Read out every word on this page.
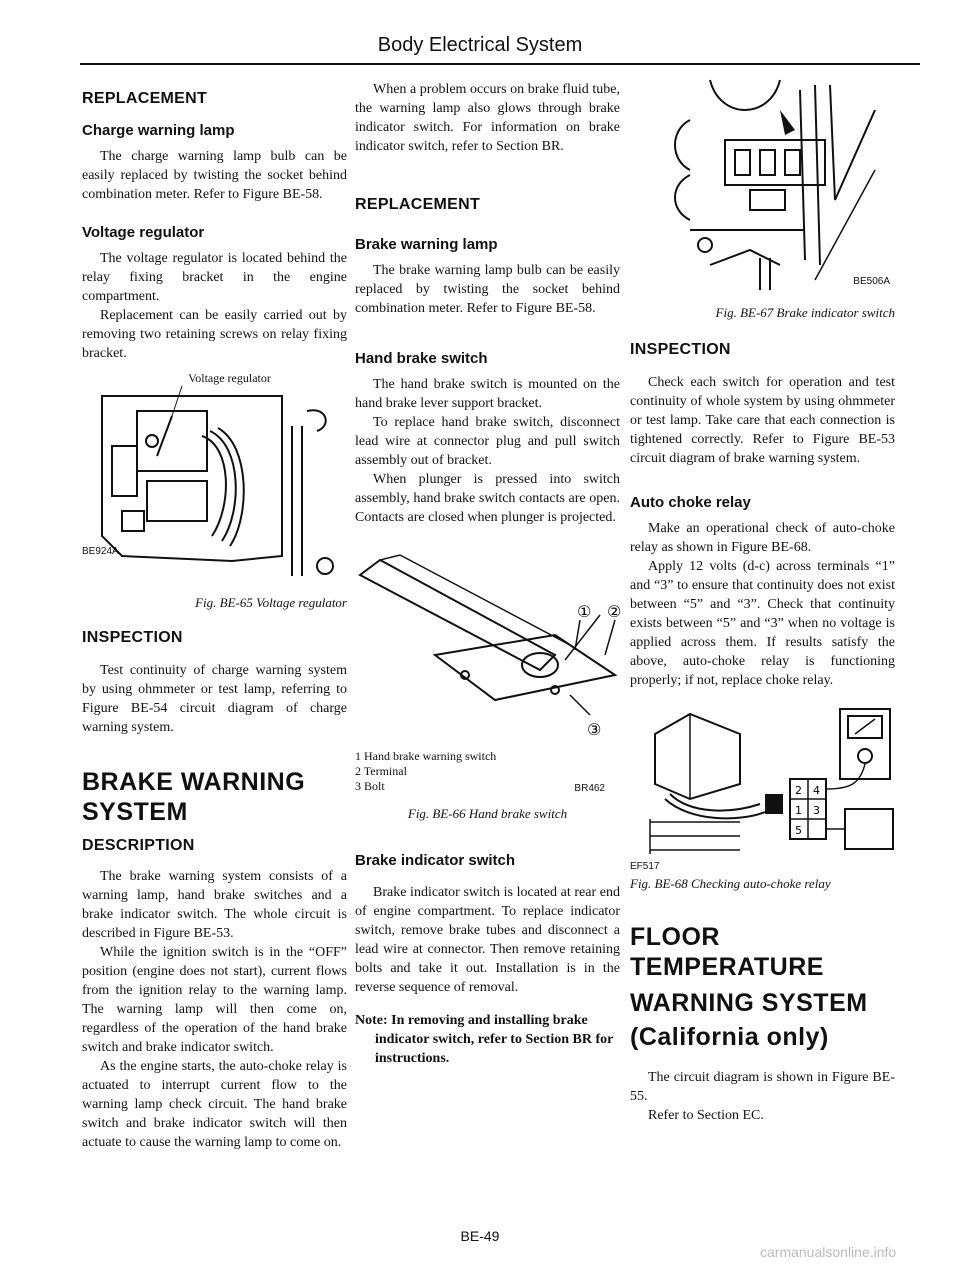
Body Electrical System
REPLACEMENT
Charge warning lamp

The charge warning lamp bulb can be easily replaced by twisting the socket behind combination meter. Refer to Figure BE-58.

Voltage regulator

The voltage regulator is located behind the relay fixing bracket in the engine compartment.

Replacement can be easily carried out by removing two retaining screws on relay fixing bracket.

Voltage regulator
BE924A
Fig. BE-65 Voltage regulator
INSPECTION

Test continuity of charge warning system by using ohmmeter or test lamp, referring to Figure BE-54 circuit diagram of charge warning system.

BRAKE WARNING
SYSTEM
DESCRIPTION

The brake warning system consists of a warning lamp, hand brake switches and a brake indicator switch. The whole circuit is described in Figure BE-53.

While the ignition switch is in the “OFF” position (engine does not start), current flows from the ignition relay to the warning lamp. The warning lamp will then come on, regardless of the operation of the hand brake switch and brake indicator switch.

As the engine starts, the auto-choke relay is actuated to interrupt current flow to the warning lamp check circuit. The hand brake switch and brake indicator switch will then actuate to cause the warning lamp to come on.

When a problem occurs on brake fluid tube, the warning lamp also glows through brake indicator switch. For information on brake indicator switch, refer to Section BR.

REPLACEMENT
Brake warning lamp

The brake warning lamp bulb can be easily replaced by twisting the socket behind combination meter. Refer to Figure BE-58.

Hand brake switch

The hand brake switch is mounted on the hand brake lever support bracket.

To replace hand brake switch, disconnect lead wire at connector plug and pull switch assembly out of bracket.

When plunger is pressed into switch assembly, hand brake switch contacts are open. Contacts are closed when plunger is projected.

① ②
③
1 Hand brake warning switch
2 Terminal
3 Bolt	BR462
Fig. BE-66 Hand brake switch
Brake indicator switch

Brake indicator switch is located at rear end of engine compartment. To replace indicator switch, remove brake tubes and disconnect a lead wire at connector. Then remove retaining bolts and take it out. Installation is in the reverse sequence of removal.

Note: In removing and installing brake indicator switch, refer to Section BR for instructions.
BE506A
Fig. BE-67 Brake indicator switch
INSPECTION

Check each switch for operation and test continuity of whole system by using ohmmeter or test lamp. Take care that each connection is tightened correctly. Refer to Figure BE-53 circuit diagram of brake warning system.

Auto choke relay

Make an operational check of auto-choke relay as shown in Figure BE-68.

Apply 12 volts (d-c) across terminals “1” and “3” to ensure that continuity does not exist between “5” and “3”. Check that continuity exists between “5” and “3” when no voltage is applied across them. If results satisfy the above, auto-choke relay is functioning properly; if not, replace choke relay.

2 4
1 3
5
EF517
Fig. BE-68 Checking auto-choke relay
FLOOR
TEMPERATURE
WARNING SYSTEM
(California only)

The circuit diagram is shown in Figure BE-55.

Refer to Section EC.

BE-49
carmanualsonline.info
